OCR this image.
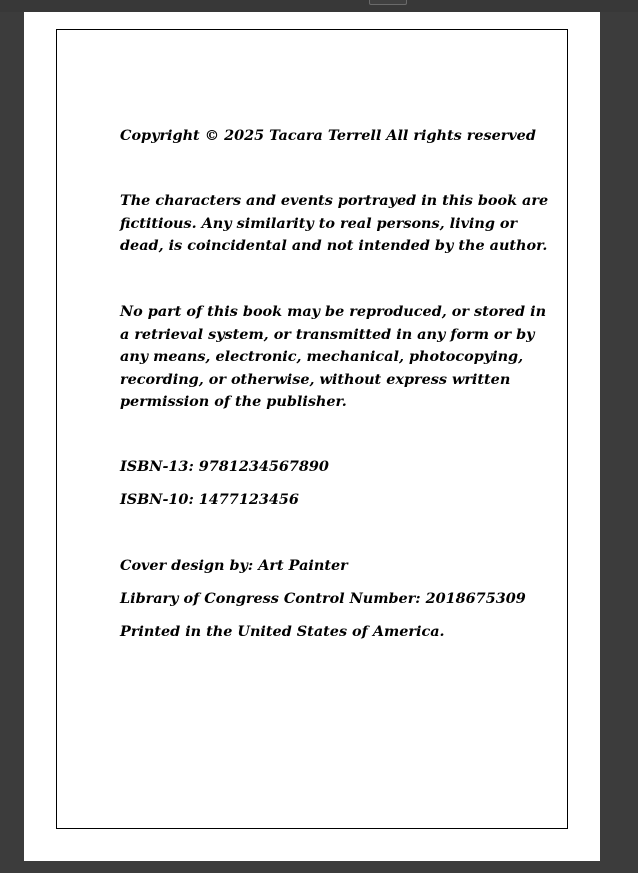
Copyright © 2025 Tacara Terrell All rights reserved
The characters and events portrayed in this book are
fictitious. Any similarity to real persons, living or
dead, is coincidental and not intended by the author.
No part of this book may be reproduced, or stored in
a retrieval system, or transmitted in any form or by
any means, electronic, mechanical, photocopying,
recording, or otherwise, without express written
permission of the publisher.
ISBN-13: 9781234567890
ISBN-10: 1477123456
Cover design by: Art Painter
Library of Congress Control Number: 2018675309
Printed in the United States of America.
